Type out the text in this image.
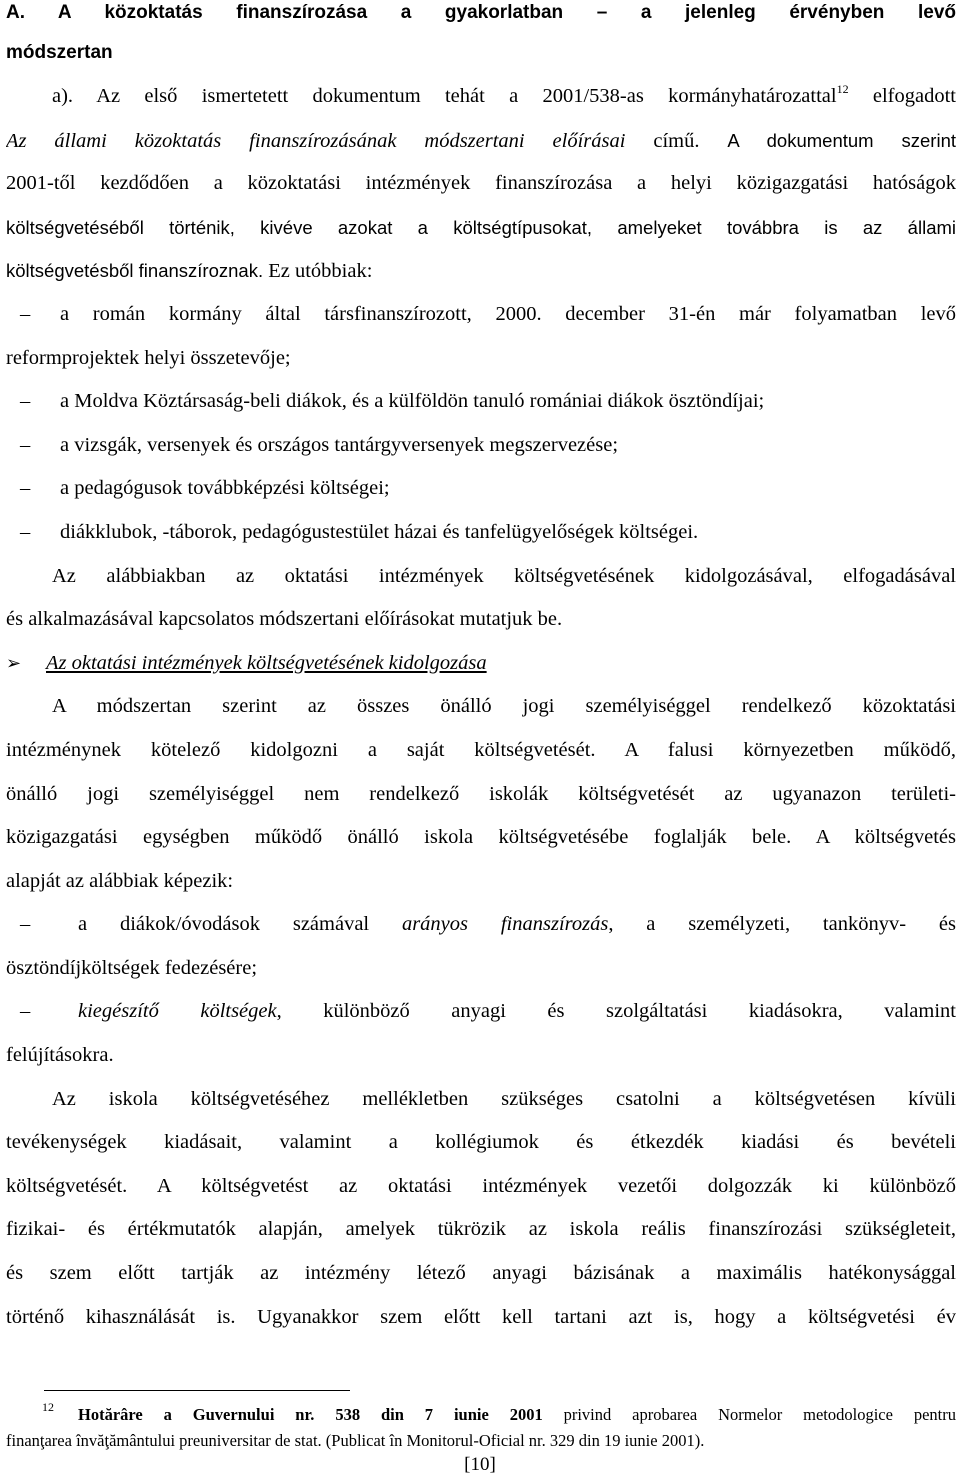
A. A közoktatás finanszírozása a gyakorlatban – a jelenleg érvényben levő
módszertan
a). Az első ismertetett dokumentum tehát a 2001/538-as kormányhatározattal$^{12}$ elfogadott
Az állami közoktatás finanszírozásának módszertani előírásai című. A dokumentum szerint
2001-től kezdődően a közoktatási intézmények finanszírozása a helyi közigazgatási hatóságok
költségvetéséből történik, kivéve azokat a költségtípusokat, amelyeket továbbra is az állami
költségvetésből finanszíroznak. Ez utóbbiak:
– a román kormány által társfinanszírozott, 2000. december 31-én már folyamatban levő
reformprojektek helyi összetevője;
– a Moldva Köztársaság-beli diákok, és a külföldön tanuló romániai diákok ösztöndíjai;
– a vizsgák, versenyek és országos tantárgyversenyek megszervezése;
– a pedagógusok továbbképzési költségei;
– diákklubok, -táborok, pedagógustestület házai és tanfelügyelőségek költségei.
Az alábbiakban az oktatási intézmények költségvetésének kidolgozásával, elfogadásával
és alkalmazásával kapcsolatos módszertani előírásokat mutatjuk be.
➢ Az oktatási intézmények költségvetésének kidolgozása
A módszertan szerint az összes önálló jogi személyiséggel rendelkező közoktatási
intézménynek kötelező kidolgozni a saját költségvetését. A falusi környezetben működő,
önálló jogi személyiséggel nem rendelkező iskolák költségvetését az ugyanazon területi-
közigazgatási egységben működő önálló iskola költségvetésébe foglalják bele. A költségvetés
alapját az alábbiak képezik:
– a diákok/óvodások számával arányos finanszírozás, a személyzeti, tankönyv- és
ösztöndíjköltségek fedezésére;
– kiegészítő költségek, különböző anyagi és szolgáltatási kiadásokra, valamint
felújításokra.
Az iskola költségvetéséhez mellékletben szükséges csatolni a költségvetésen kívüli
tevékenységek kiadásait, valamint a kollégiumok és étkezdék kiadási és bevételi
költségvetését. A költségvetést az oktatási intézmények vezetői dolgozzák ki különböző
fizikai- és értékmutatók alapján, amelyek tükrözik az iskola reális finanszírozási szükségleteit,
és szem előtt tartják az intézmény létező anyagi bázisának a maximális hatékonysággal
történő kihasználását is. Ugyanakkor szem előtt kell tartani azt is, hogy a költségvetési év
$^{12}$ Hotărâre a Guvernului nr. 538 din 7 iunie 2001 privind aprobarea Normelor metodologice pentru
finanţarea învăţământului preuniversitar de stat. (Publicat în Monitorul-Oficial nr. 329 din 19 iunie 2001).
[10]
